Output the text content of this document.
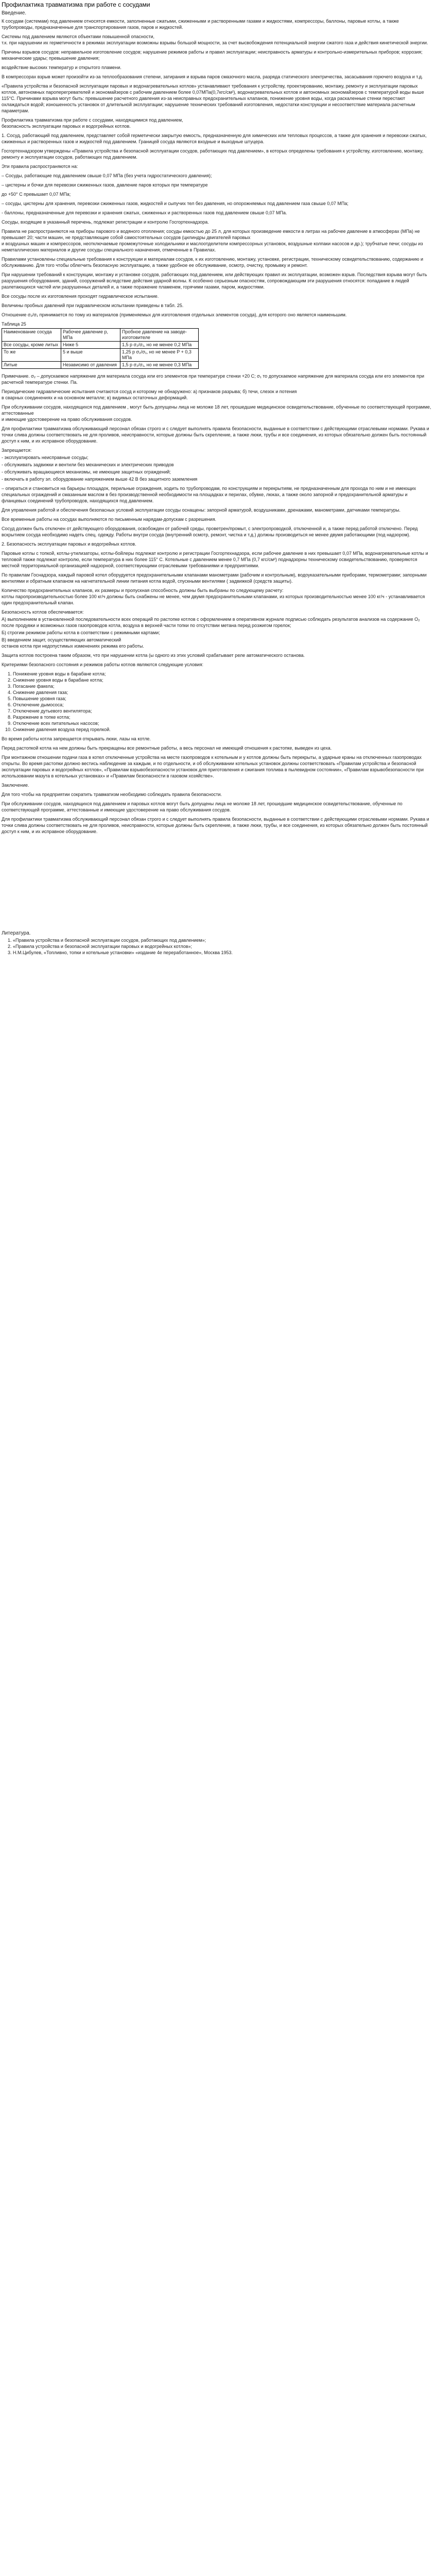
Профилактика травматизма при работе с сосудами
Введение.

К сосудам (системам) под давлением относятся емкости, заполненные сжатыми, сжиженными и растворенными газами и жидкостями, компрессоры, баллоны, паровые котлы, а также трубопроводы, предназначенные для транспортирования газов, паров и жидкостей.

Системы под давлением являются объектами повышенной опасности,
т.к. при нарушении их герметичности в режимах эксплуатации возможны взрывы большой мощности, за счет высвобождения потенциальной энергии сжатого газа и действия кинетической энергии.

Причины взрывов сосудов: неправильное изготовление сосудов; нарушение режимов работы и правил эксплуатации; неисправность арматуры и контрольно-измерительных приборов; коррозия; механические удары; превышение давления;

воздействие высоких температур и открытого пламени.

В компрессорах взрыв может произойти из-за теплообразования степени, затирания и взрыва паров смазочного масла, разряда статического электричества, засасывания горючего воздуха и т.д.

«Правила устройства и безопасной эксплуатации паровых и водонагревательных котлов» устанавливают требования к устройству, проектированию, монтажу, ремонту и эксплуатации паровых котлов, автономных пароперегревателей и экономайзеров с рабочим давлением более 0,07МПа(0,7кгс/см²), водонагревательных котлов и автономных экономайзеров с температурой воды выше 115°С. Причинами взрыва могут быть: превышение расчетного давления из-за неисправных предохранительных клапанов, понижение уровня воды, когда раскаленные стенки перестают охлаждаться водой; изношенность установок от длительной эксплуатации; нарушение технических требований изготовления, недостатки конструкции и несоответствие материала расчетным параметрам.

Профилактика травматизма при работе с сосудами, находящимися под давлением,
безопасность эксплуатации паровых и водогрейных котлов.

1. Сосуд, работающий под давлением, представляет собой герметически закрытую емкость, предназначенную для химических или тепловых процессов, а также для хранения и перевозки сжатых, сжиженных и растворенных газов и жидкостей под давлением. Границей сосуда являются входные и выходные штуцера.

Госгортехнадзором утверждены «Правила устройства и безопасной эксплуатации сосудов, работающих под давлением», в которых определены требования к устройству, изготовлению, монтажу, ремонту и эксплуатации сосудов, работающих под давлением.

Эти правила распространяются на:

– Сосуды, работающие под давлением свыше 0,07 МПа (без учета гидростатического давления);

– цистерны и бочки для перевозки сжиженных газов, давление паров которых при температуре

до +50° С превышает 0,07 МПа;

– сосуды, цистерны для хранения, перевозки сжиженных газов, жидкостей и сыпучих тел без давления, но опорожняемых под давлением газа свыше 0,07 МПа;

- баллоны, предназначенные для перевозки и хранения сжатых, сжиженных и растворенных газов под давлением свыше 0,07 МПа.

Сосуды, входящие в указанный перечень, подлежат регистрации и контролю Госгортехнадзора.

Правила не распространяются на приборы парового и водяного отопления; сосуды емкостью до 25 л, для которых произведение емкости в литрах на рабочее давление в атмосферах (МПа) не превышает 20; части машин, не представляющие собой самостоятельных сосудов (цилиндры двигателей паровых
и воздушных машин и компрессоров, неотключаемые промежуточные холодильники и маслоотделители компрессорных установок, воздушные колпаки насосов и др.); трубчатые печи; сосуды из неметаллических материалов и другие сосуды специального назначения, отмеченные в Правилах.

Правилами установлены специальные требования к конструкции и материалам сосудов, к их изготовлению, монтажу, установке, регистрации, техническому освидетельствованию, содержанию и обслуживанию. Для того чтобы облегчить безопасную эксплуатацию, а также удобное ее обслуживание, осмотр, очистку, промывку и ремонт.

При нарушении требований к конструкции, монтажу и установке сосудов, работающих под давлением, или действующих правил их эксплуатации, возможен взрыв. Последствия взрыва могут быть разрушения оборудования, зданий, сооружений вследствие действия ударной волны. К особенно серьезным опасностям, сопровождающим эти разрушения относятся: попадание в людей разлетающихся частей или разрушенных деталей и, а также поражение пламенем, горячими газами, паром, жидкостями.

Все сосуды после их изготовления проходят гидравлическое испытание.

Величины пробных давлений при гидравлическом испытании приведены в табл. 25.

Отношение σ₂/σ₁ принимается по тому из материалов (применяемых для изготовления отдельных элементов сосуда), для которого оно является наименьшим.

Таблица 25
Наименование сосуда	Рабочее давление p, МПа	Пробное давление на заводе-изготовителе
Все сосуды, кроме литых	Ниже 5	1,5 p σ₂/σ₁, но не менее 0,2 МПа
То же	5 и выше	1,25 p σ₂/σ₁, но не менее P + 0,3 МПа
Литые	Независимо от давления	1,5 p σ₂/σ₁, но не менее 0,3 МПа

Примечание. σ₂ – допускаемое напряжение для материала сосуда или его элементов при температуре стенки +20 С; σ₁ то допускаемое напряжение для материала сосуда или его элементов при расчетной температуре стенки. Па.

Периодические гидравлические испытания считаются сосуд и которому не обнаружено: а) признаков разрыва; б) течи, слезок и потения
в сварных соединениях и на основном металле; в) видимых остаточных деформаций.

При обслуживании сосудов, находящихся под давлением , могут быть допущены лица не моложе 18 лет, прошедшие медицинское освидетельствование, обученные по соответствующей программе, аттестованные
и имеющие удостоверение на право обслуживания сосудов.

Для профилактики травматизма обслуживающий персонал обязан строго и с следует выполнять правила безопасности, выданные в соответствии с действующими отраслевыми нормами. Рукава и точки слива должны соответствовать не для проливов, неисправности, которые должны быть скрепление, а также люки, трубы и все соединения, из которых обязательно должен быть постоянный доступ к ним, и их исправное оборудование.

Запрещается:

- эксплуатировать неисправные сосуды;

- обслуживать задвижки и вентили без механических и электрических приводов

- обслуживать вращающиеся механизмы, не имеющие защитных ограждений;

- включать в работу эл. оборудование напряжением выше 42 В без защитного заземления

– опираться и становиться на барьеры площадок, перильные ограждения, ходить по трубопроводам, по конструкциям и перекрытиям, не предназначенным для прохода по ним и не имеющих специальных ограждений и смазанным маслом в без производственной необходимости на площадках и перилах, обувке, люках, а также около запорной и предохранительной арматуры и фланцевых соединений трубопроводов, находящихся под давлением.

Для управления работой и обеспечения безопасных условий эксплуатации сосуды оснащены: запорной арматурой, воздушниками, дренажами, манометрами, датчиками температуры.

Все временные работы на сосудах выполняются по письменным нарядам-допускам с разрешения.

Сосуд должен быть отключен от действующего оборудования, освобожден от рабочей среды, проветрен/промыт, с электропроводкой, отключенной и, а также перед работой отключено. Перед вскрытием сосуда необходимо надеть спец. одежду. Работы внутри сосуда (внутренний осмотр, ремонт, чистка и т.д.) должны производиться не менее двумя работающими (под надзором).

2. Безопасность эксплуатации паровых и водогрейных котлов.

Паровые котлы с топкой, котлы-утилизаторы, котлы-бойлеры подлежат контролю и регистрации Госгортехнадзора, если рабочее давление в них превышает 0,07 МПа, водонагревательные котлы и тепловой также подлежат контролю, если температура в них более 115° С. Котельные с давлением менее 0,7 МПа (0,7 кгс/см²) поднадзорны техническому освидетельствованию, проверяются местной территориальной организацией надзорной, соответствующими отраслевыми требованиями и предприятиями.

По правилам Госнадзора, каждый паровой котел оборудуется предохранительными клапанами манометрами (рабочим и контрольным), водоуказательными приборами, термометрами; запорными вентилями и обратным клапаном на нагнетательной линии питания котла водой, спускными вентилями ( задвижкой (средств защиты).

Количество предохранительных клапанов, их размеры и пропускная способность должны быть выбраны по следующему расчету:
котлы паропроизводительностью более 100 кг/ч должны быть снабжены не менее, чем двумя предохранительными клапанами, из которых производительностью менее 100 кг/ч - устанавливается один предохранительный клапан.

Безопасность котлов обеспечивается:

А) выполнением в установленной последовательности всех операций по растопке котлов с оформлением в оперативном журнале подписью соблюдать результатов анализов на содержание O₂ после продувки и возможных газов газопроводов котла, воздуха в верхней части топки по отсутствии метана перед розжигом горелок;

Б) строгим режимом работы котла в соответствии с режимными картами;

В) введением защит, осуществляющих автоматический
останов котла при недопустимых изменениях режима его работы.

Защита котлов построена таким образом, что при нарушении котла (ы одного из этих условий срабатывает реле автоматического останова.

Критериями безопасного состояния и режимов работы котлов являются следующие условия:

1. Понижение уровня воды в барабане котла;
2. Снижение уровня воды в барабане котла;
3. Погасание факела;
4. Снижение давления газа;
5. Повышение уровня газа;
6. Отключение дымососа;
7. Отключение дутьевого вентилятора;
8. Разрежение в топке котла;
9. Отключение всех питательных насосов;
10. Снижение давления воздуха перед горелкой.

Во время работы котла запрещается открывать люки, лазы на котле.

Перед растопкой котла на нем должны быть прекращены все ремонтные работы, а весь персонал не имеющий отношения к растопке, выведен из цеха.

При монтажном отношении подачи газа в котел отключенные устройства на месте газопроводов к котельным и у котлов должны быть перекрыты, а ударные краны на отключенных газопроводах открыты. Во время растопки должно вестись наблюдение за каждым, и по отдельности, и об обслуживании котельных установок должны соответствовать «Правилам устройства и безопасной эксплуатации паровых и водогрейных котлов», «Правилам взрывобезопасности установок для приготовления и сжигания топлива в пылевидном состоянии», «Правилам взрывобезопасности при использовании мазута в котельных установках» и «Правилам безопасности в газовом хозяйстве».

Заключение.

Для того чтобы на предприятии сократить травматизм необходимо соблюдать правила безопасности.

При обслуживании сосудов, находящихся под давлением и паровых котлов могут быть допущены лица не моложе 18 лет, прошедшие медицинское освидетельствование, обученные по соответствующей программе, аттестованные и имеющие удостоверение на право обслуживания сосудов.

Для профилактики травматизма обслуживающий персонал обязан строго и с следует выполнять правила безопасности, выданные в соответствии с действующими отраслевыми нормами. Рукава и точки слива должны соответствовать не для проливов, неисправности, которые должны быть скрепление, а также люки, трубы, и все соединения, из которых обязательно должен быть постоянный доступ к ним, и их исправное оборудование.

Литература.
1. «Правила устройства и безопасной эксплуатации сосудов, работающих под давлением»;
2. «Правила устройства и безопасной эксплуатации паровых и водогрейных котлов»;
3. Н.М.Цибулев, «Топливно, топки и котельные установки» «издание 4е переработанное», Москва 1953.
